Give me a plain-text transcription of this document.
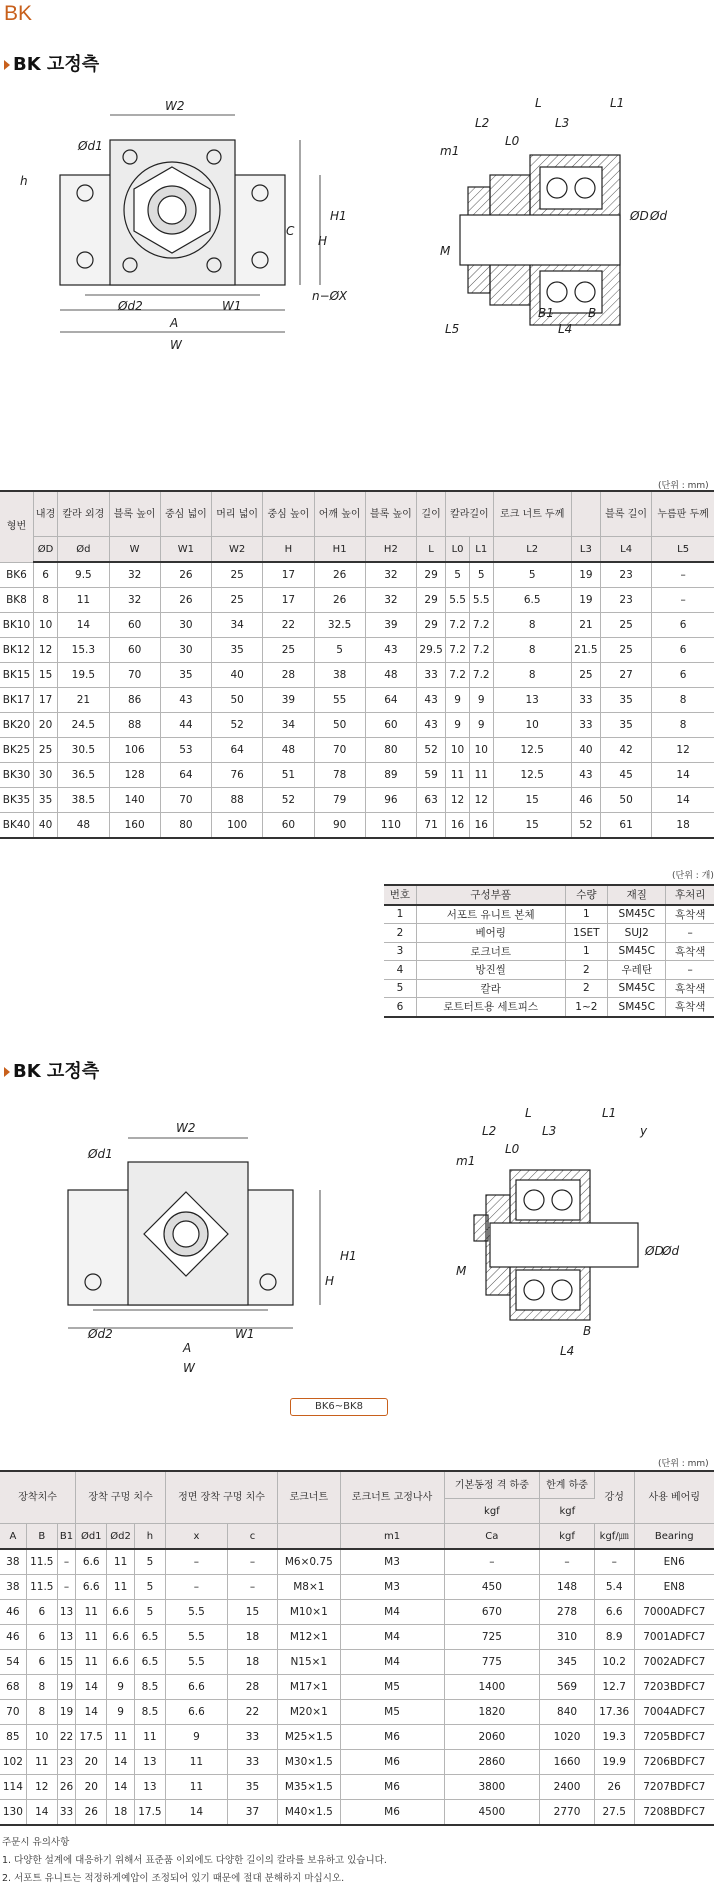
BK
BK 고정측
W2
Ød1
h
C
H
H1
Ød2	W1
A
W
n−ØX
L	L1
L2	L3
L0
m1
ØD Ød
M
B1	B
L5	L4
(단위 : mm)
형번	내경	칼라 외경	블록 높이	중심 넓이	머리 넓이	중심 높이	어깨 높이	블록 높이	길이	칼라길이		로크 너트 두께		블록 길이	누름판 두께
	ØD	Ød	W	W1	W2	H	H1	H2	L	L0	L1	L2	L3	L4	L5
BK6	6	9.5	32	26	25	17	26	32	29	5	5	5	19	23	–
BK8	8	11	32	26	25	17	26	32	29	5.5	5.5	6.5	19	23	–
BK10	10	14	60	30	34	22	32.5	39	29	7.2	7.2	8	21	25	6
BK12	12	15.3	60	30	35	25	5	43	29.5	7.2	7.2	8	21.5	25	6
BK15	15	19.5	70	35	40	28	38	48	33	7.2	7.2	8	25	27	6
BK17	17	21	86	43	50	39	55	64	43	9	9	13	33	35	8
BK20	20	24.5	88	44	52	34	50	60	43	9	9	10	33	35	8
BK25	25	30.5	106	53	64	48	70	80	52	10	10	12.5	40	42	12
BK30	30	36.5	128	64	76	51	78	89	59	11	11	12.5	43	45	14
BK35	35	38.5	140	70	88	52	79	96	63	12	12	15	46	50	14
BK40	40	48	160	80	100	60	90	110	71	16	16	15	52	61	18
(단위 : 개)
번호	구성부품	수량	재질	후처리
1	서포트 유니트 본체	1	SM45C	흑착색
2	베어링	1SET	SUJ2	–
3	로크너트	1	SM45C	흑착색
4	방진씰	2	우레탄	–
5	칼라	2	SM45C	흑착색
6	로트터트용 세트피스	1~2	SM45C	흑착색
BK 고정측
W2
Ød1
H
H1
Ød2	W1
A
W
L	L1
L2	L3
L0
y
m1
ØD
Ød
M
B
L4
BK6~BK8
(단위 : mm)
장착치수			장착 구멍 치수			정면 장착 구멍 치수		로크너트	로크너트 고정나사	기본동정 격 하중	한계 하중	강성	사용 베어링
										kgf	kgf		
A	B	B1	Ød1	Ød2	h	x	c		m1	Ca	kgf	kgf/㎛	Bearing
38	11.5	–	6.6	11	5	–	–	M6×0.75	M3	–	–	–	EN6
38	11.5	–	6.6	11	5	–	–	M8×1	M3	450	148	5.4	EN8
46	6	13	11	6.6	5	5.5	15	M10×1	M4	670	278	6.6	7000ADFC7
46	6	13	11	6.6	6.5	5.5	18	M12×1	M4	725	310	8.9	7001ADFC7
54	6	15	11	6.6	6.5	5.5	18	N15×1	M4	775	345	10.2	7002ADFC7
68	8	19	14	9	8.5	6.6	28	M17×1	M5	1400	569	12.7	7203BDFC7
70	8	19	14	9	8.5	6.6	22	M20×1	M5	1820	840	17.36	7004ADFC7
85	10	22	17.5	11	11	9	33	M25×1.5	M6	2060	1020	19.3	7205BDFC7
102	11	23	20	14	13	11	33	M30×1.5	M6	2860	1660	19.9	7206BDFC7
114	12	26	20	14	13	11	35	M35×1.5	M6	3800	2400	26	7207BDFC7
130	14	33	26	18	17.5	14	37	M40×1.5	M6	4500	2770	27.5	7208BDFC7
주문시 유의사항
1. 다양한 설계에 대응하기 위해서 표준품 이외에도 다양한 길이의 칼라를 보유하고 있습니다.
2. 서포트 유니트는 적정하게예압이 조정되어 있기 때문에 절대 분해하지 마십시오.
